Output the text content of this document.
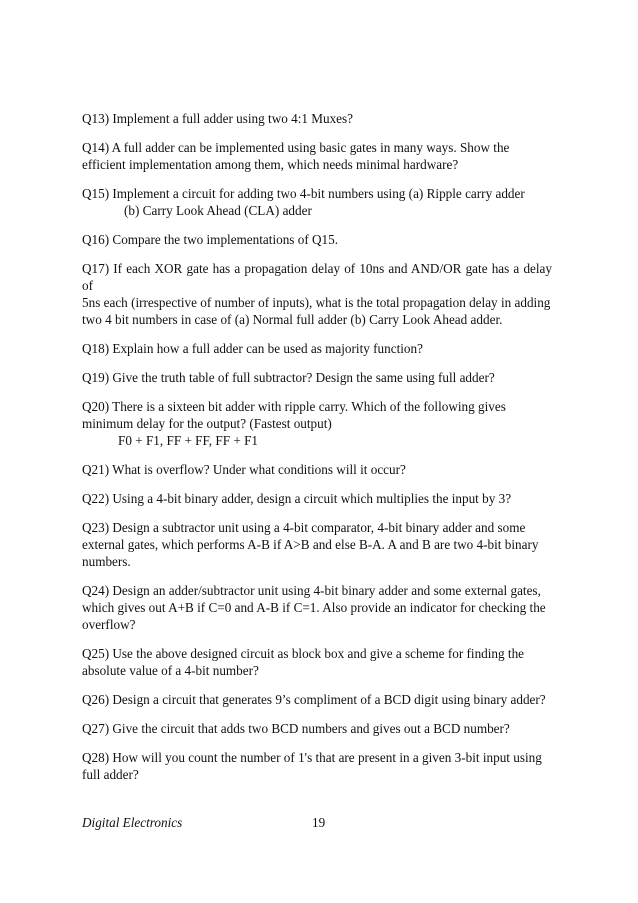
Q13) Implement a full adder using two 4:1 Muxes?
Q14) A full adder can be implemented using basic gates in many ways. Show the
efficient implementation among them, which needs minimal hardware?
Q15) Implement a circuit for adding two 4-bit numbers using (a) Ripple carry adder
(b) Carry Look Ahead (CLA) adder
Q16) Compare the two implementations of Q15.
Q17) If each XOR gate has a propagation delay of 10ns and AND/OR gate has a delay of
5ns each (irrespective of number of inputs), what is the total propagation delay in adding
two 4 bit numbers in case of (a) Normal full adder (b) Carry Look Ahead adder.
Q18) Explain how a full adder can be used as majority function?
Q19) Give the truth table of full subtractor? Design the same using full adder?
Q20) There is a sixteen bit adder with ripple carry. Which of the following gives
minimum delay for the output? (Fastest output)
F0 + F1, FF + FF, FF + F1
Q21) What is overflow? Under what conditions will it occur?
Q22) Using a 4-bit binary adder, design a circuit which multiplies the input by 3?
Q23) Design a subtractor unit using a 4-bit comparator, 4-bit binary adder and some
external gates, which performs A-B if A>B and else B-A. A and B are two 4-bit binary
numbers.
Q24) Design an adder/subtractor unit using 4-bit binary adder and some external gates,
which gives out A+B if C=0 and A-B if C=1. Also provide an indicator for checking the
overflow?
Q25) Use the above designed circuit as block box and give a scheme for finding the
absolute value of a 4-bit number?
Q26) Design a circuit that generates 9’s compliment of a BCD digit using binary adder?
Q27) Give the circuit that adds two BCD numbers and gives out a BCD number?
Q28) How will you count the number of 1's that are present in a given 3-bit input using
full adder?
Digital Electronics	19
